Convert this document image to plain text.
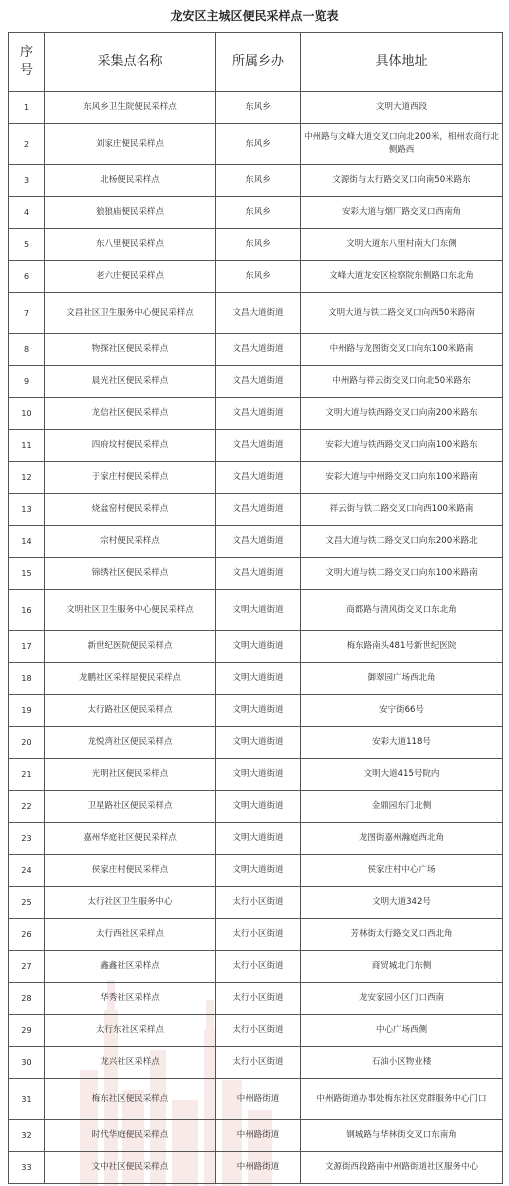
龙安区主城区便民采样点一览表
序号	采集点名称	所属乡办	具体地址
1	东风乡卫生院便民采样点	东风乡	文明大道西段
2	刘家庄便民采样点	东风乡	中州路与文峰大道交叉口向北200米，相州农商行北侧路西
3	北杨便民采样点	东风乡	文源街与太行路交叉口向南50米路东
4	狼狼庙便民采样点	东风乡	安彩大道与烟厂路交叉口西南角
5	东八里便民采样点	东风乡	文明大道东八里村南大门东侧
6	老六庄便民采样点	东风乡	文峰大道龙安区检察院东侧路口东北角
7	文昌社区卫生服务中心便民采样点	文昌大道街道	文明大道与铁二路交叉口向西50米路南
8	物探社区便民采样点	文昌大道街道	中州路与龙图街交叉口向东100米路南
9	晨光社区便民采样点	文昌大道街道	中州路与祥云街交叉口向北50米路东
10	龙信社区便民采样点	文昌大道街道	文明大道与铁西路交叉口向南200米路东
11	四府坟村便民采样点	文昌大道街道	安彩大道与铁西路交叉口向南100米路东
12	于家庄村便民采样点	文昌大道街道	安彩大道与中州路交叉口向东100米路南
13	烧盆窑村便民采样点	文昌大道街道	祥云街与铁二路交叉口向西100米路南
14	宗村便民采样点	文昌大道街道	文昌大道与铁二路交叉口向东200米路北
15	锦绣社区便民采样点	文昌大道街道	文明大道与铁二路交叉口向东100米路南
16	文明社区卫生服务中心便民采样点	文明大道街道	商都路与清风街交叉口东北角
17	新世纪医院便民采样点	文明大道街道	梅东路南头481号新世纪医院
18	龙鹏社区采样屋便民采样点	文明大道街道	御翠园广场西北角
19	太行路社区便民采样点	文明大道街道	安宁街66号
20	龙悦湾社区便民采样点	文明大道街道	安彩大道118号
21	光明社区便民采样点	文明大道街道	文明大道415号院内
22	卫星路社区便民采样点	文明大道街道	金鼎园东门北侧
23	嘉州华庭社区便民采样点	文明大道街道	龙图街嘉州瀚庭西北角
24	侯家庄村便民采样点	文明大道街道	侯家庄村中心广场
25	太行社区卫生服务中心	太行小区街道	文明大道342号
26	太行西社区采样点	太行小区街道	芳林街太行路交叉口西北角
27	鑫鑫社区采样点	太行小区街道	商贸城北门东侧
28	华秀社区采样点	太行小区街道	龙安家园小区门口西南
29	太行东社区采样点	太行小区街道	中心广场西侧
30	龙兴社区采样点	太行小区街道	石油小区物业楼
31	梅东社区便民采样点	中州路街道	中州路街道办事处梅东社区党群服务中心门口
32	时代华庭便民采样点	中州路街道	钢城路与华林街交叉口东南角
33	文中社区便民采样点	中州路街道	文源街西段路南中州路街道社区服务中心
